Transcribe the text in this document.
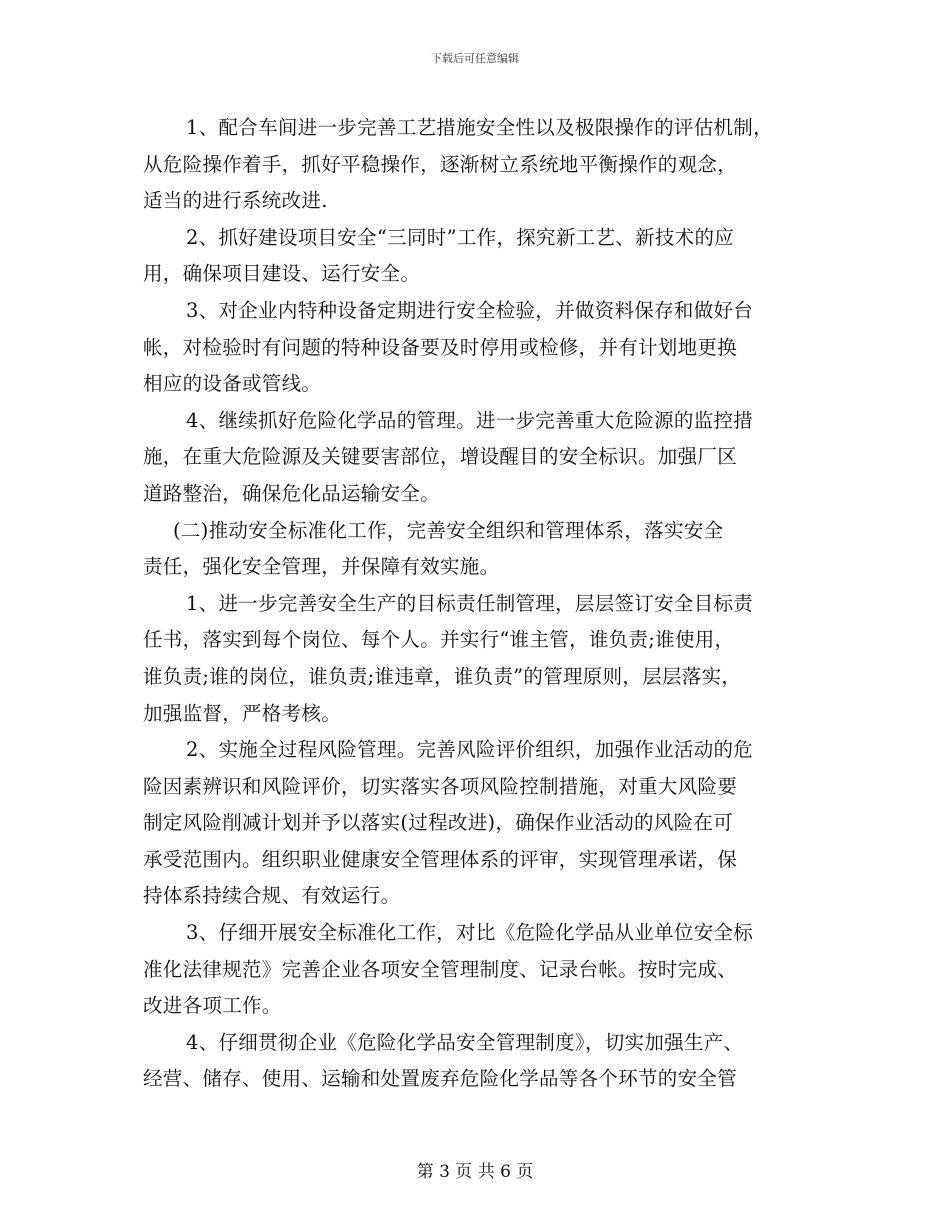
下载后可任意编辑
1、配合车间进一步完善工艺措施安全性以及极限操作的评估机制，
从危险操作着手，抓好平稳操作，逐渐树立系统地平衡操作的观念，
适当的进行系统改进.
2、抓好建设项目安全“三同时”工作，探究新工艺、新技术的应
用，确保项目建设、运行安全。
3、对企业内特种设备定期进行安全检验，并做资料保存和做好台
帐，对检验时有问题的特种设备要及时停用或检修，并有计划地更换
相应的设备或管线。
4、继续抓好危险化学品的管理。进一步完善重大危险源的监控措
施，在重大危险源及关键要害部位，增设醒目的安全标识。加强厂区
道路整治，确保危化品运输安全。
(二)推动安全标准化工作，完善安全组织和管理体系，落实安全
责任，强化安全管理，并保障有效实施。
1、进一步完善安全生产的目标责任制管理，层层签订安全目标责
任书，落实到每个岗位、每个人。并实行“谁主管，谁负责;谁使用，
谁负责;谁的岗位，谁负责;谁违章，谁负责”的管理原则，层层落实，
加强监督，严格考核。
2、实施全过程风险管理。完善风险评价组织，加强作业活动的危
险因素辨识和风险评价，切实落实各项风险控制措施，对重大风险要
制定风险削减计划并予以落实(过程改进)，确保作业活动的风险在可
承受范围内。组织职业健康安全管理体系的评审，实现管理承诺，保
持体系持续合规、有效运行。
3、仔细开展安全标准化工作，对比《危险化学品从业单位安全标
准化法律规范》完善企业各项安全管理制度、记录台帐。按时完成、
改进各项工作。
4、仔细贯彻企业《危险化学品安全管理制度》，切实加强生产、
经营、储存、使用、运输和处置废弃危险化学品等各个环节的安全管
第 3 页 共 6 页
